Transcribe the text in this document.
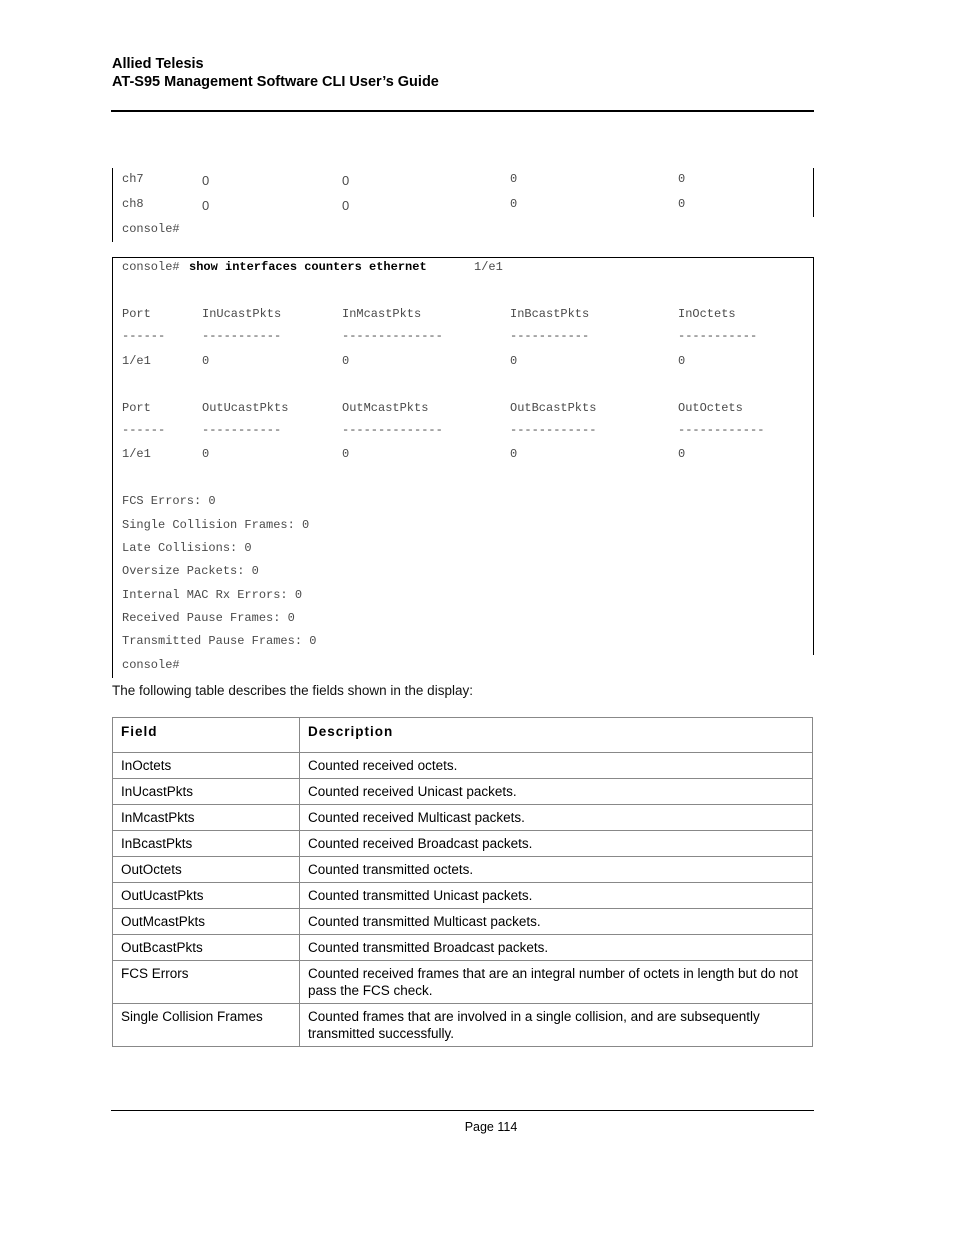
Allied Telesis
AT-S95 Management Software CLI User’s Guide
ch7	0	0	0	0
ch8	0	0	0	0
console#
console# show interfaces counters ethernet	1/e1
Port	InUcastPkts	InMcastPkts	InBcastPkts	InOctets
------	-----------	--------------	-----------	-----------
1/e1	0	0	0	0
Port	OutUcastPkts	OutMcastPkts	OutBcastPkts	OutOctets
------	-----------	--------------	------------	------------
1/e1	0	0	0	0
FCS Errors: 0
Single Collision Frames: 0
Late Collisions: 0
Oversize Packets: 0
Internal MAC Rx Errors: 0
Received Pause Frames: 0
Transmitted Pause Frames: 0
console#
The following table describes the fields shown in the display:
Field	Description
InOctets	Counted received octets.
InUcastPkts	Counted received Unicast packets.
InMcastPkts	Counted received Multicast packets.
InBcastPkts	Counted received Broadcast packets.
OutOctets	Counted transmitted octets.
OutUcastPkts	Counted transmitted Unicast packets.
OutMcastPkts	Counted transmitted Multicast packets.
OutBcastPkts	Counted transmitted Broadcast packets.
FCS Errors	Counted received frames that are an integral number of octets in length but do not pass the FCS check.
Single Collision Frames	Counted frames that are involved in a single collision, and are subsequently transmitted successfully.
Page 114
